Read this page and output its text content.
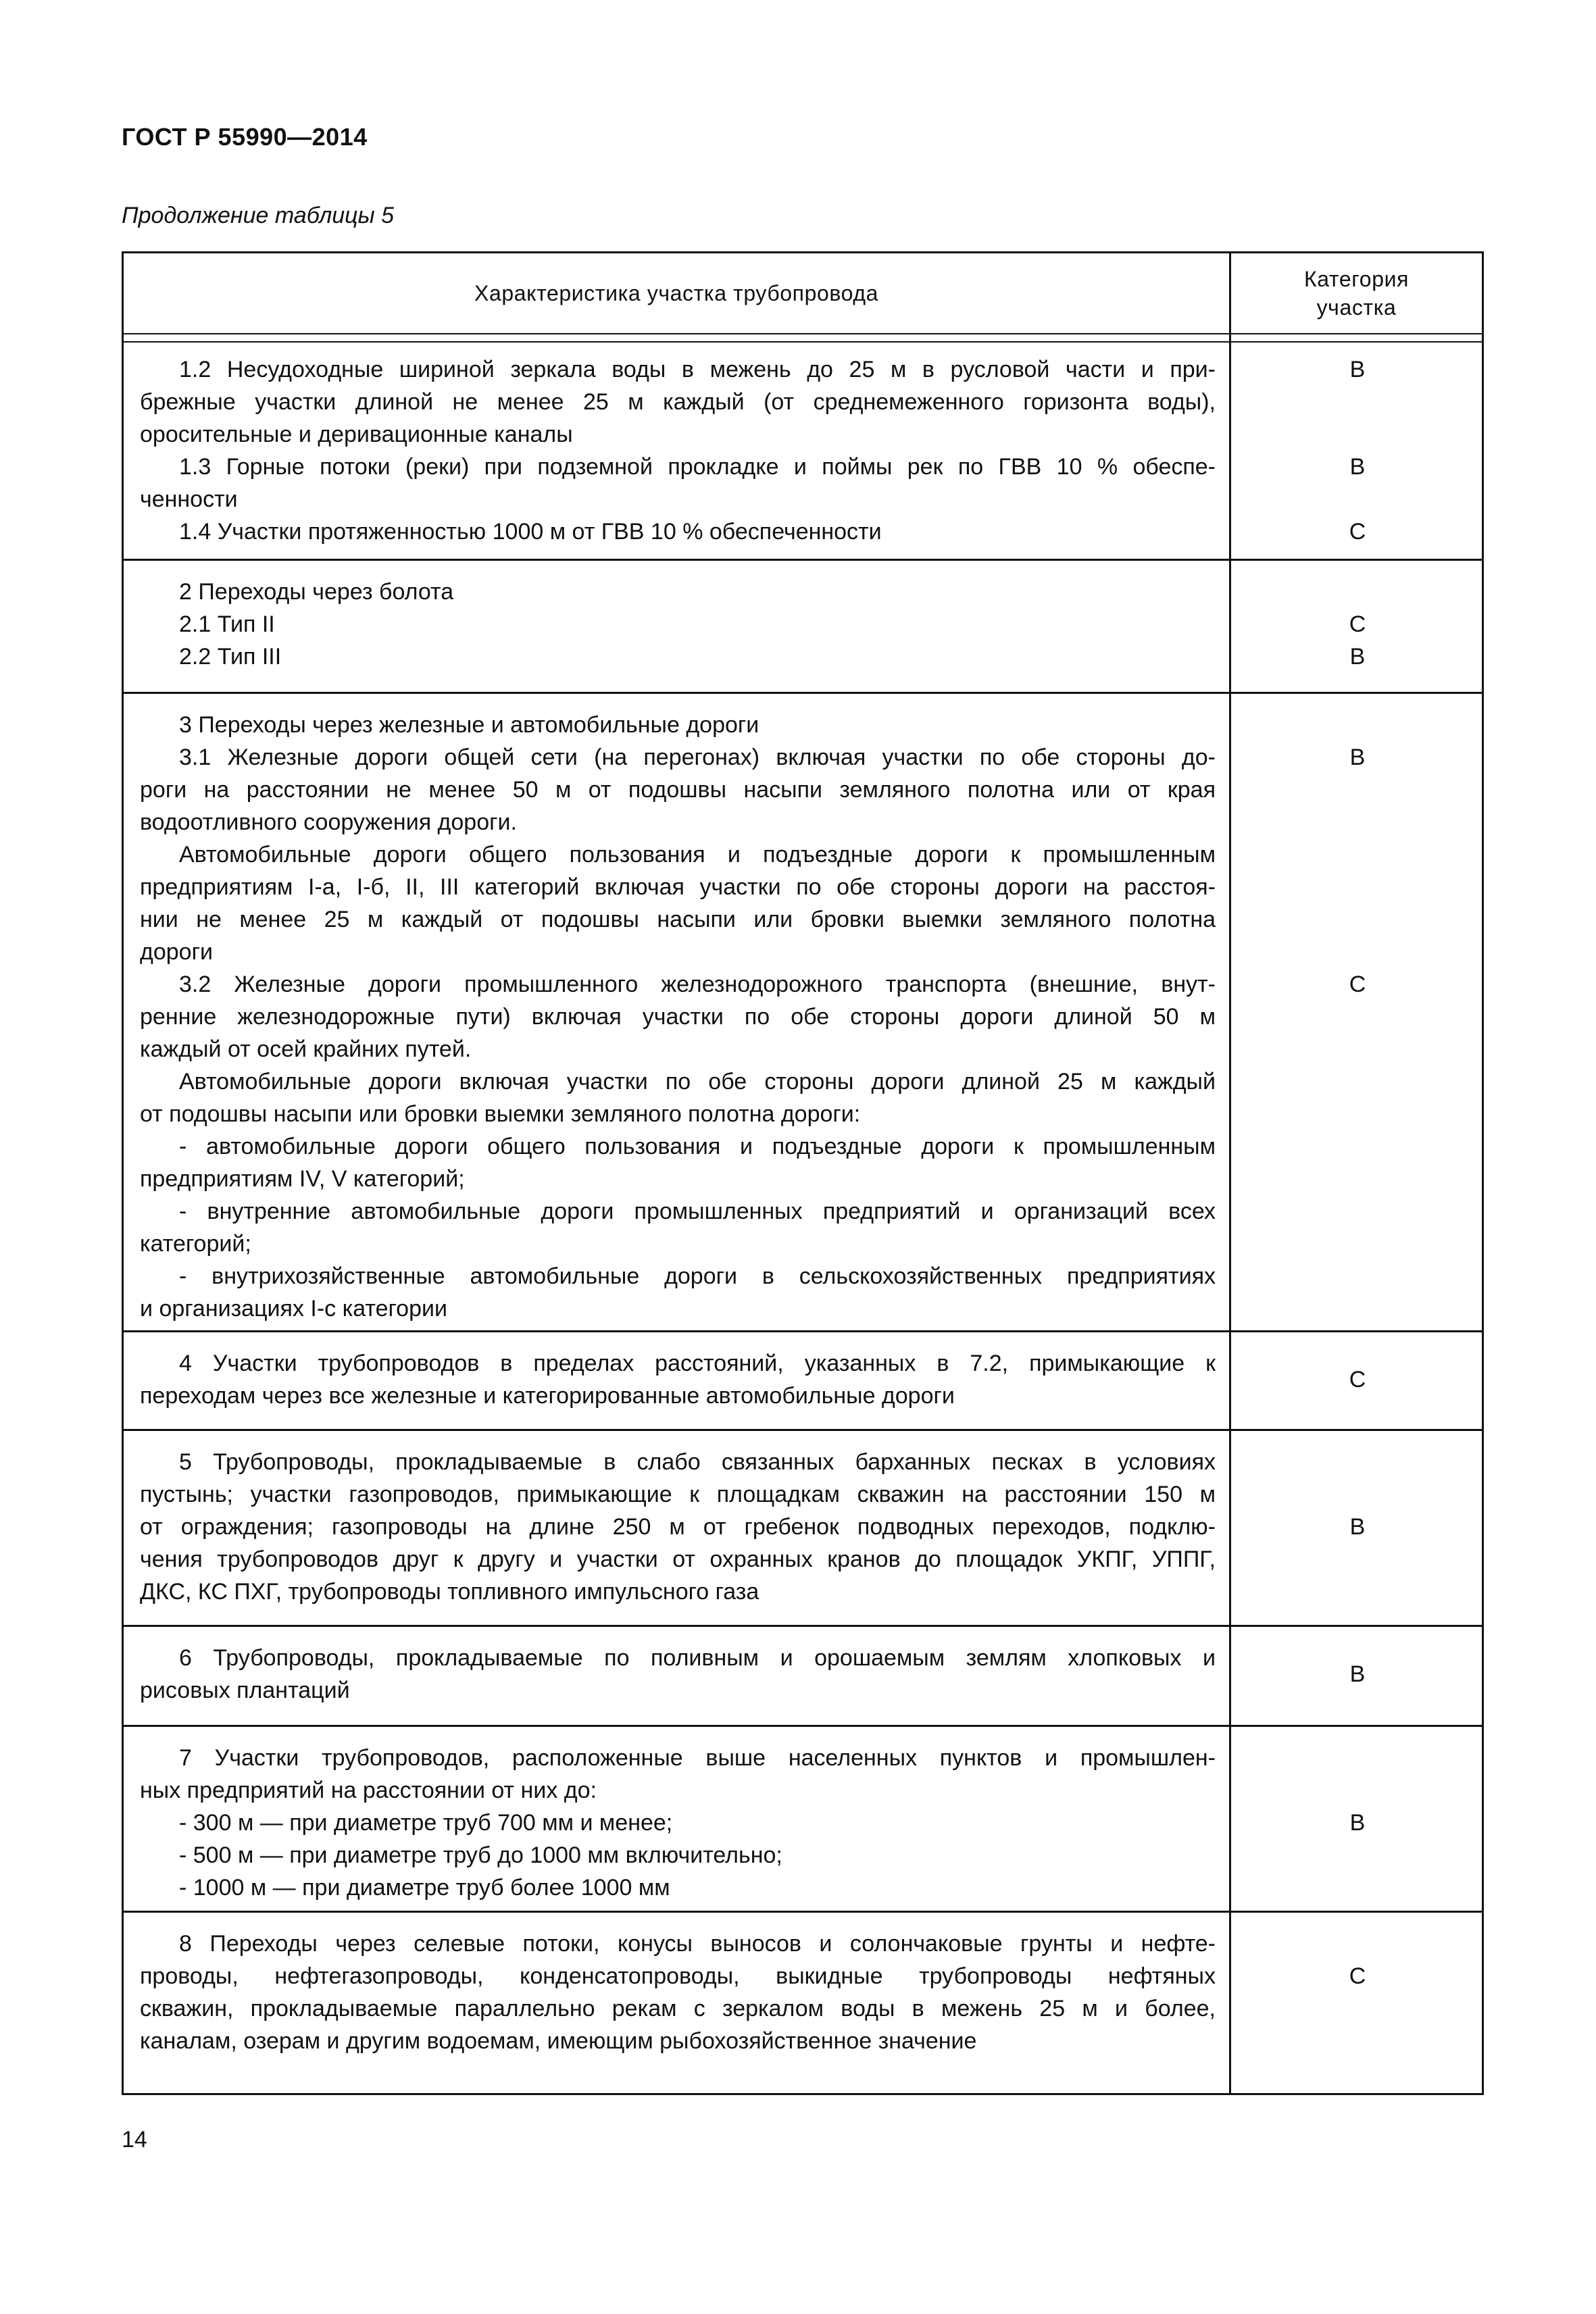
ГОСТ Р 55990—2014
Продолжение таблицы 5
Характеристика участка трубопровода
Категория
участка
1.2 Несудоходные шириной зеркала воды в межень до 25 м в русловой части и при-
брежные участки длиной не менее 25 м каждый (от среднемеженного горизонта воды),
оросительные и деривационные каналы
1.3 Горные потоки (реки) при подземной прокладке и поймы рек по ГВВ 10 % обеспе-
ченности
1.4 Участки протяженностью 1000 м от ГВВ 10 % обеспеченности
В
В
С
2 Переходы через болота
2.1 Тип II
2.2 Тип III
С
В
3 Переходы через железные и автомобильные дороги
3.1 Железные дороги общей сети (на перегонах) включая участки по обе стороны до-
роги на расстоянии не менее 50 м от подошвы насыпи земляного полотна или от края
водоотливного сооружения дороги.
Автомобильные дороги общего пользования и подъездные дороги к промышленным
предприятиям I-а, I-б, II, III категорий включая участки по обе стороны дороги на расстоя-
нии не менее 25 м каждый от подошвы насыпи или бровки выемки земляного полотна
дороги
3.2 Железные дороги промышленного железнодорожного транспорта (внешние, внут-
ренние железнодорожные пути) включая участки по обе стороны дороги длиной 50 м
каждый от осей крайних путей.
Автомобильные дороги включая участки по обе стороны дороги длиной 25 м каждый
от подошвы насыпи или бровки выемки земляного полотна дороги:
- автомобильные дороги общего пользования и подъездные дороги к промышленным
предприятиям IV, V категорий;
- внутренние автомобильные дороги промышленных предприятий и организаций всех
категорий;
- внутрихозяйственные автомобильные дороги в сельскохозяйственных предприятиях
и организациях I-с категории
В
С
4 Участки трубопроводов в пределах расстояний, указанных в 7.2, примыкающие к
переходам через все железные и категорированные автомобильные дороги
С
5 Трубопроводы, прокладываемые в слабо связанных барханных песках в условиях
пустынь; участки газопроводов, примыкающие к площадкам скважин на расстоянии 150 м
от ограждения; газопроводы на длине 250 м от гребенок подводных переходов, подклю-
чения трубопроводов друг к другу и участки от охранных кранов до площадок УКПГ, УППГ,
ДКС, КС ПХГ, трубопроводы топливного импульсного газа
В
6 Трубопроводы, прокладываемые по поливным и орошаемым землям хлопковых и
рисовых плантаций
В
7 Участки трубопроводов, расположенные выше населенных пунктов и промышлен-
ных предприятий на расстоянии от них до:
- 300 м — при диаметре труб 700 мм и менее;
- 500 м — при диаметре труб до 1000 мм включительно;
- 1000 м — при диаметре труб более 1000 мм
В
8 Переходы через селевые потоки, конусы выносов и солончаковые грунты и нефте-
проводы, нефтегазопроводы, конденсатопроводы, выкидные трубопроводы нефтяных
скважин, прокладываемые параллельно рекам с зеркалом воды в межень 25 м и более,
каналам, озерам и другим водоемам, имеющим рыбохозяйственное значение
С
14
